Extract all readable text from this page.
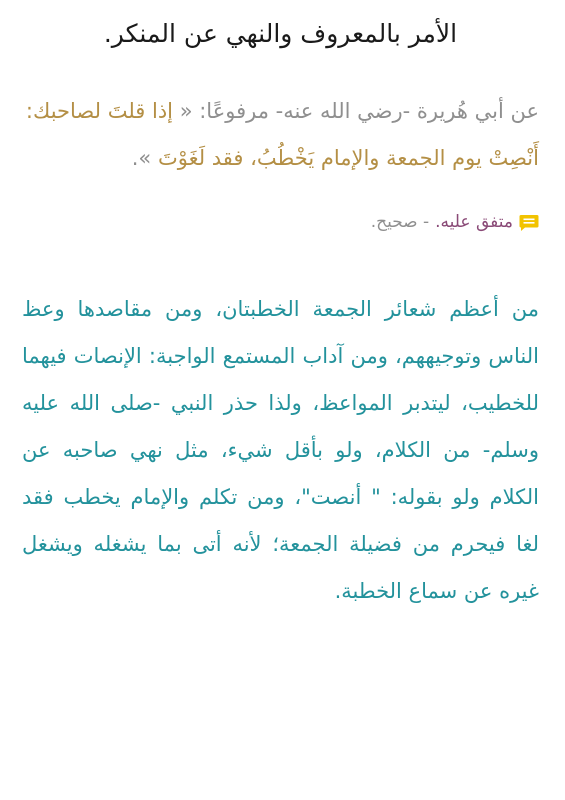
الأمر بالمعروف والنهي عن المنكر.
عن أبي هُريرة -رضي الله عنه- مرفوعًا: « إذا قلتَ لصاحبك: أَنْصِتْ يوم الجمعة والإمام يَخْطُبُ، فقد لَغَوْتَ ».
متفق عليه.
- صحيح.
من أعظم شعائر الجمعة الخطبتان، ومن مقاصدها وعظ الناس وتوجيههم، ومن آداب المستمع الواجبة: الإنصات فيهما للخطيب، ليتدبر المواعظ، ولذا حذر النبي -صلى الله عليه وسلم- من الكلام، ولو بأقل شيء، مثل نهي صاحبه عن الكلام ولو بقوله: " أنصت"، ومن تكلم والإمام يخطب فقد لغا فيحرم من فضيلة الجمعة؛ لأنه أتى بما يشغله ويشغل غيره عن سماع الخطبة.
